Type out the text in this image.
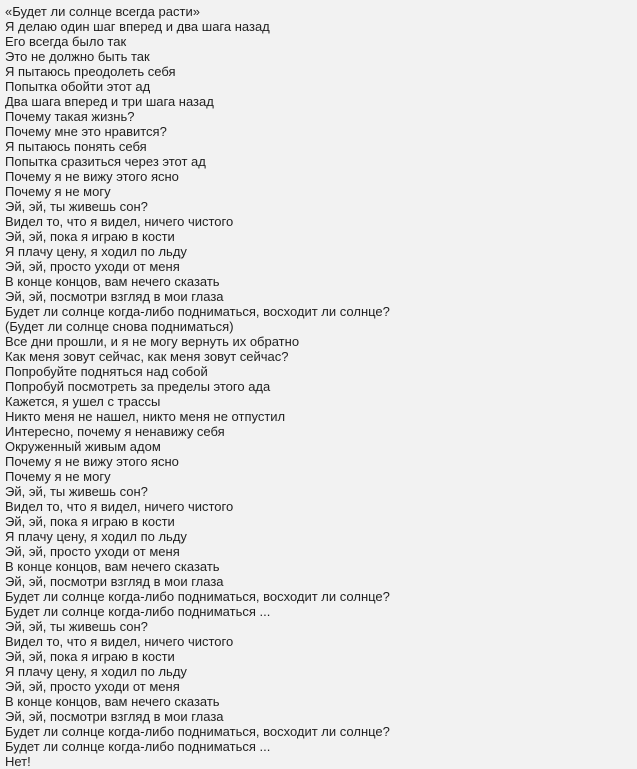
«Будет ли солнце всегда расти»
Я делаю один шаг вперед и два шага назад
Его всегда было так
Это не должно быть так
Я пытаюсь преодолеть себя
Попытка обойти этот ад
Два шага вперед и три шага назад
Почему такая жизнь?
Почему мне это нравится?
Я пытаюсь понять себя
Попытка сразиться через этот ад
Почему я не вижу этого ясно
Почему я не могу
Эй, эй, ты живешь сон?
Видел то, что я видел, ничего чистого
Эй, эй, пока я играю в кости
Я плачу цену, я ходил по льду
Эй, эй, просто уходи от меня
В конце концов, вам нечего сказать
Эй, эй, посмотри взгляд в мои глаза
Будет ли солнце когда-либо подниматься, восходит ли солнце?
(Будет ли солнце снова подниматься)
Все дни прошли, и я не могу вернуть их обратно
Как меня зовут сейчас, как меня зовут сейчас?
Попробуйте подняться над собой
Попробуй посмотреть за пределы этого ада
Кажется, я ушел с трассы
Никто меня не нашел, никто меня не отпустил
Интересно, почему я ненавижу себя
Окруженный живым адом
Почему я не вижу этого ясно
Почему я не могу
Эй, эй, ты живешь сон?
Видел то, что я видел, ничего чистого
Эй, эй, пока я играю в кости
Я плачу цену, я ходил по льду
Эй, эй, просто уходи от меня
В конце концов, вам нечего сказать
Эй, эй, посмотри взгляд в мои глаза
Будет ли солнце когда-либо подниматься, восходит ли солнце?
Будет ли солнце когда-либо подниматься ...
Эй, эй, ты живешь сон?
Видел то, что я видел, ничего чистого
Эй, эй, пока я играю в кости
Я плачу цену, я ходил по льду
Эй, эй, просто уходи от меня
В конце концов, вам нечего сказать
Эй, эй, посмотри взгляд в мои глаза
Будет ли солнце когда-либо подниматься, восходит ли солнце?
Будет ли солнце когда-либо подниматься ...
Нет!
